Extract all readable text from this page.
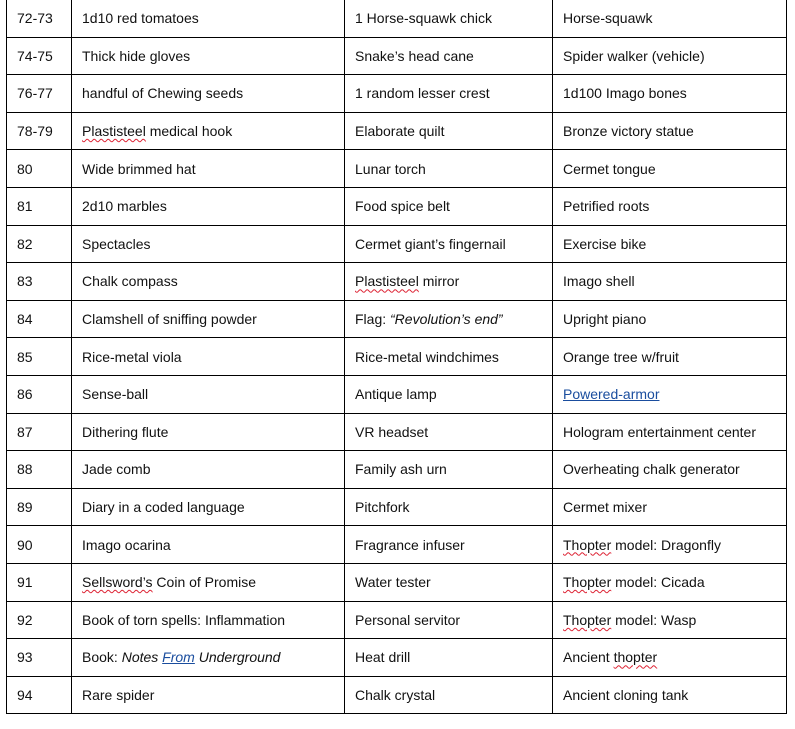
72-73	1d10 red tomatoes	1 Horse-squawk chick	Horse-squawk
74-75	Thick hide gloves	Snake’s head cane	Spider walker (vehicle)
76-77	handful of Chewing seeds	1 random lesser crest	1d100 Imago bones
78-79	Plastisteel medical hook	Elaborate quilt	Bronze victory statue
80	Wide brimmed hat	Lunar torch	Cermet tongue
81	2d10 marbles	Food spice belt	Petrified roots
82	Spectacles	Cermet giant’s fingernail	Exercise bike
83	Chalk compass	Plastisteel mirror	Imago shell
84	Clamshell of sniffing powder	Flag: “Revolution’s end”	Upright piano
85	Rice-metal viola	Rice-metal windchimes	Orange tree w/fruit
86	Sense-ball	Antique lamp	Powered-armor
87	Dithering flute	VR headset	Hologram entertainment center
88	Jade comb	Family ash urn	Overheating chalk generator
89	Diary in a coded language	Pitchfork	Cermet mixer
90	Imago ocarina	Fragrance infuser	Thopter model: Dragonfly
91	Sellsword’s Coin of Promise	Water tester	Thopter model: Cicada
92	Book of torn spells: Inflammation	Personal servitor	Thopter model: Wasp
93	Book: Notes From Underground	Heat drill	Ancient thopter
94	Rare spider	Chalk crystal	Ancient cloning tank
